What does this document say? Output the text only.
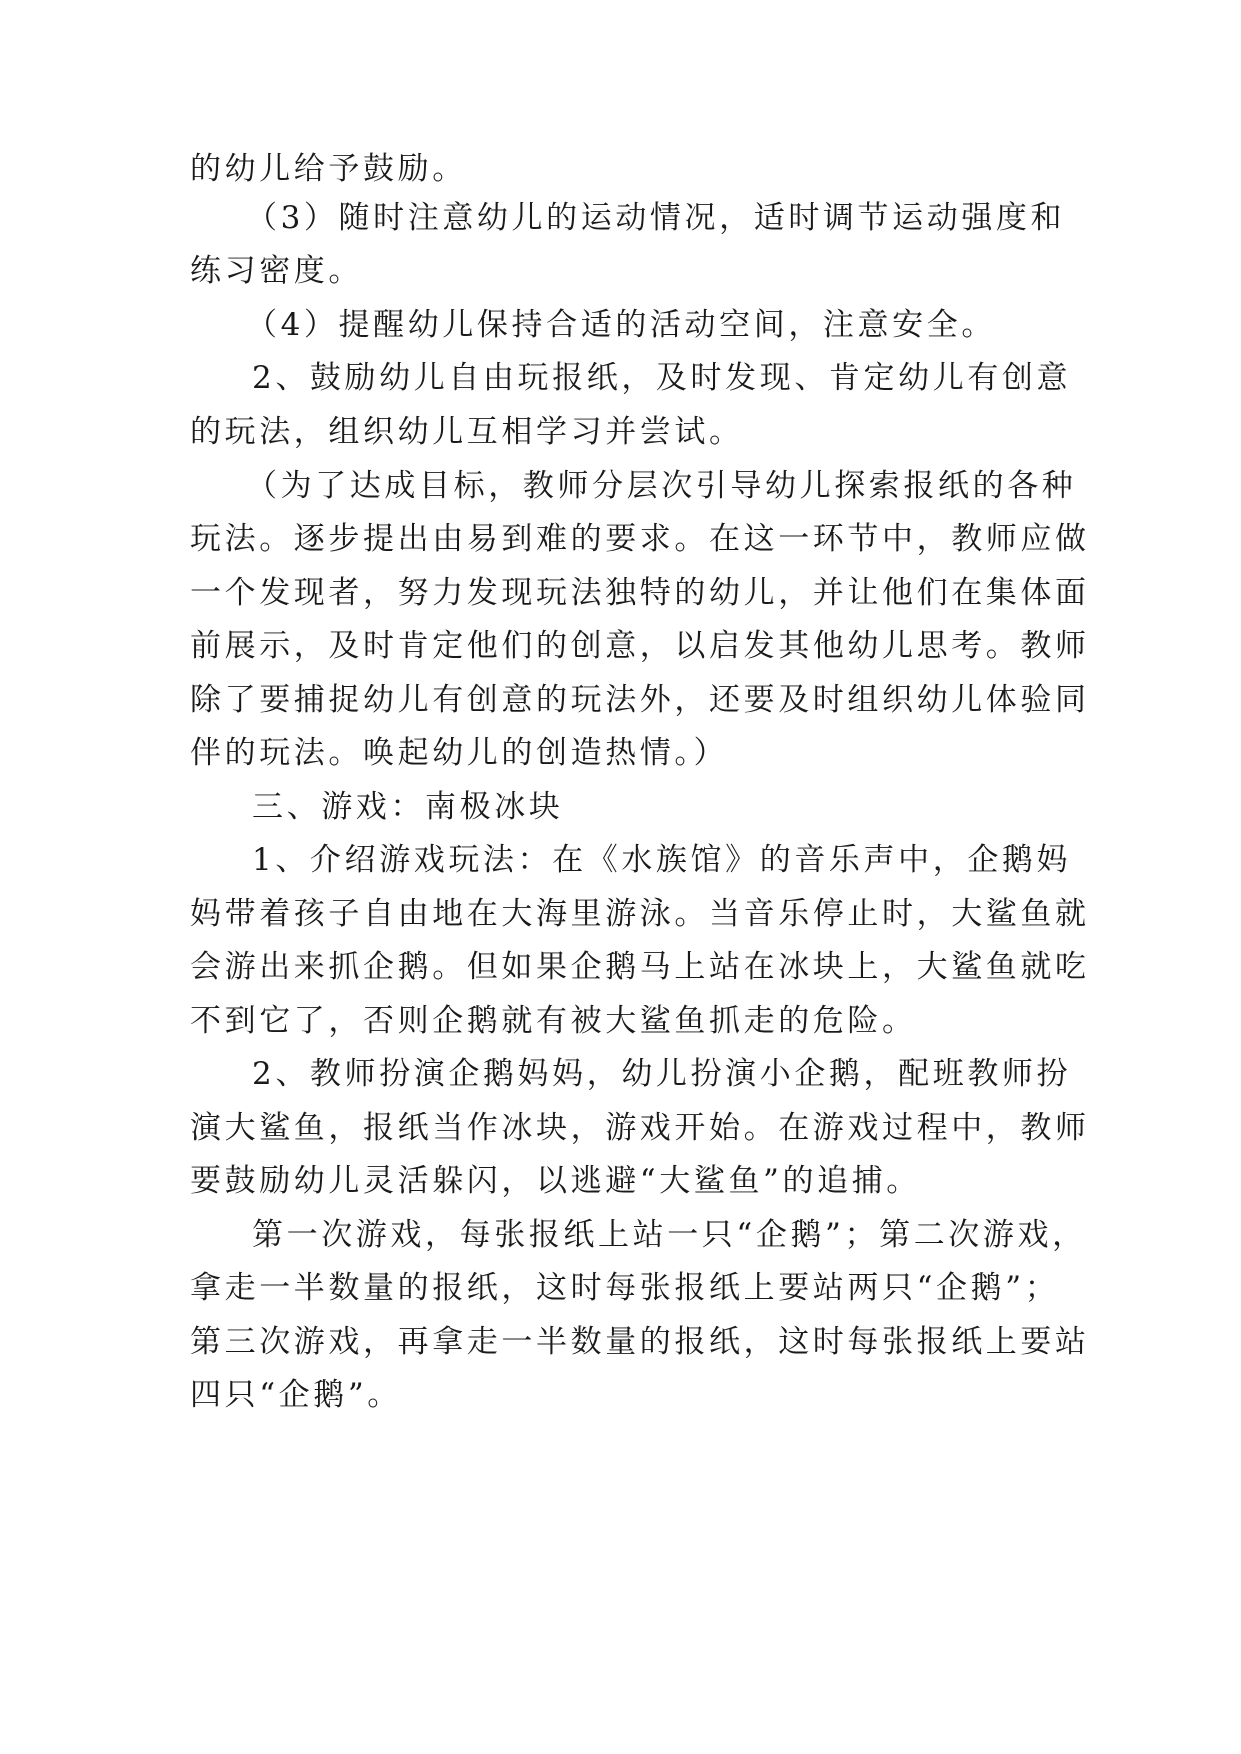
的幼儿给予鼓励。
（3）随时注意幼儿的运动情况，适时调节运动强度和
练习密度。
（4）提醒幼儿保持合适的活动空间，注意安全。
2、鼓励幼儿自由玩报纸，及时发现、肯定幼儿有创意
的玩法，组织幼儿互相学习并尝试。
（为了达成目标，教师分层次引导幼儿探索报纸的各种
玩法。逐步提出由易到难的要求。在这一环节中，教师应做
一个发现者，努力发现玩法独特的幼儿，并让他们在集体面
前展示，及时肯定他们的创意，以启发其他幼儿思考。教师
除了要捕捉幼儿有创意的玩法外，还要及时组织幼儿体验同
伴的玩法。唤起幼儿的创造热情。）
三、游戏：南极冰块
1、介绍游戏玩法：在《水族馆》的音乐声中，企鹅妈
妈带着孩子自由地在大海里游泳。当音乐停止时，大鲨鱼就
会游出来抓企鹅。但如果企鹅马上站在冰块上，大鲨鱼就吃
不到它了，否则企鹅就有被大鲨鱼抓走的危险。
2、教师扮演企鹅妈妈，幼儿扮演小企鹅，配班教师扮
演大鲨鱼，报纸当作冰块，游戏开始。在游戏过程中，教师
要鼓励幼儿灵活躲闪，以逃避“大鲨鱼”的追捕。
第一次游戏，每张报纸上站一只“企鹅”；第二次游戏，
拿走一半数量的报纸，这时每张报纸上要站两只“企鹅”；
第三次游戏，再拿走一半数量的报纸，这时每张报纸上要站
四只“企鹅”。
